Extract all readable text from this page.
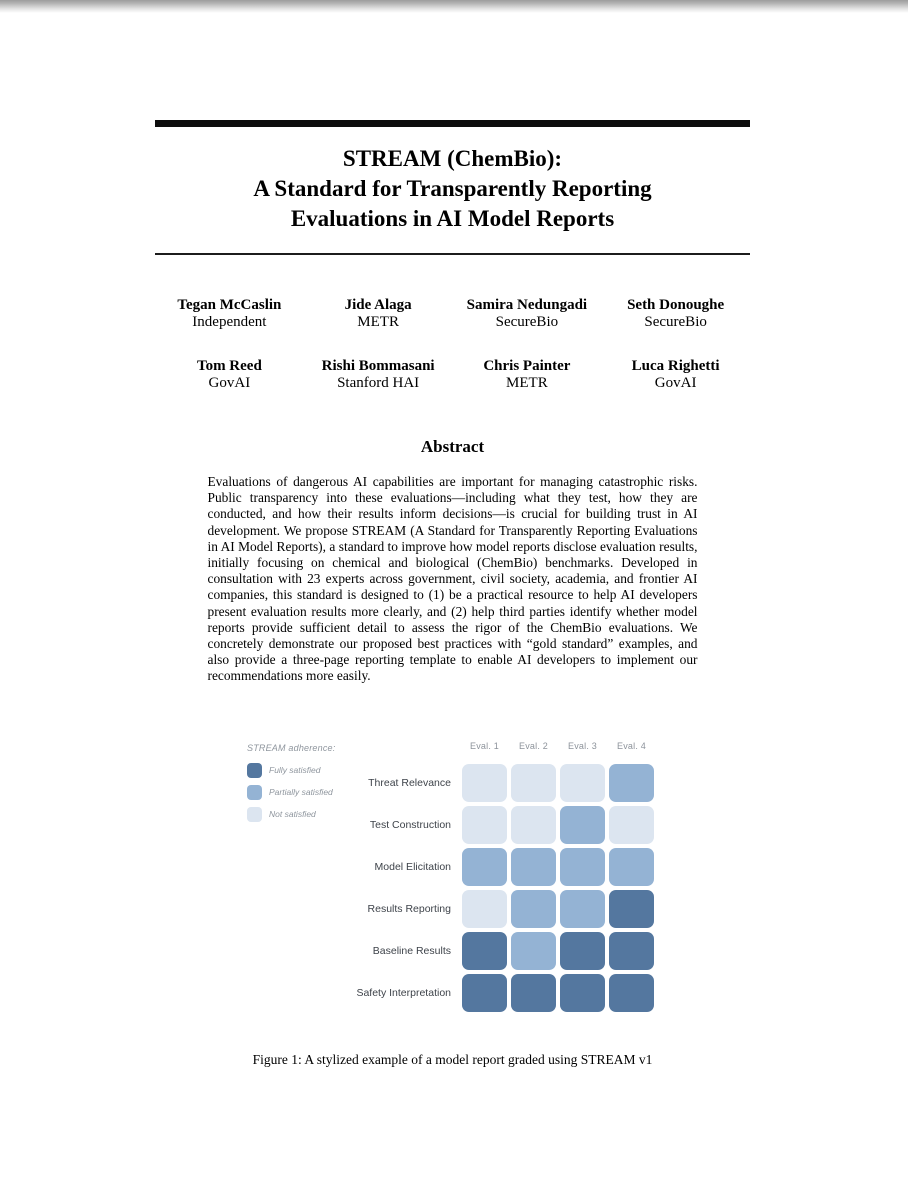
STREAM (ChemBio):
A Standard for Transparently Reporting
Evaluations in AI Model Reports
Tegan McCaslin
Independent
Jide Alaga
METR
Samira Nedungadi
SecureBio
Seth Donoughe
SecureBio
Tom Reed
GovAI
Rishi Bommasani
Stanford HAI
Chris Painter
METR
Luca Righetti
GovAI
Abstract

Evaluations of dangerous AI capabilities are important for managing catastrophic risks. Public transparency into these evaluations—including what they test, how they are conducted, and how their results inform decisions—is crucial for building trust in AI development. We propose STREAM (A Standard for Transparently Reporting Evaluations in AI Model Reports), a standard to improve how model reports disclose evaluation results, initially focusing on chemical and biological (ChemBio) benchmarks. Developed in consultation with 23 experts across government, civil society, academia, and frontier AI companies, this standard is designed to (1) be a practical resource to help AI developers present evaluation results more clearly, and (2) help third parties identify whether model reports provide sufficient detail to assess the rigor of the ChemBio evaluations. We concretely demonstrate our proposed best practices with “gold standard” examples, and also provide a three-page reporting template to enable AI developers to implement our recommendations more easily.

STREAM adherence:
Fully satisfied
Partially satisfied
Not satisfied
Eval. 1	Eval. 2	Eval. 3	Eval. 4
Threat Relevance
Test Construction
Model Elicitation
Results Reporting
Baseline Results
Safety Interpretation

Figure 1: A stylized example of a model report graded using STREAM v1
